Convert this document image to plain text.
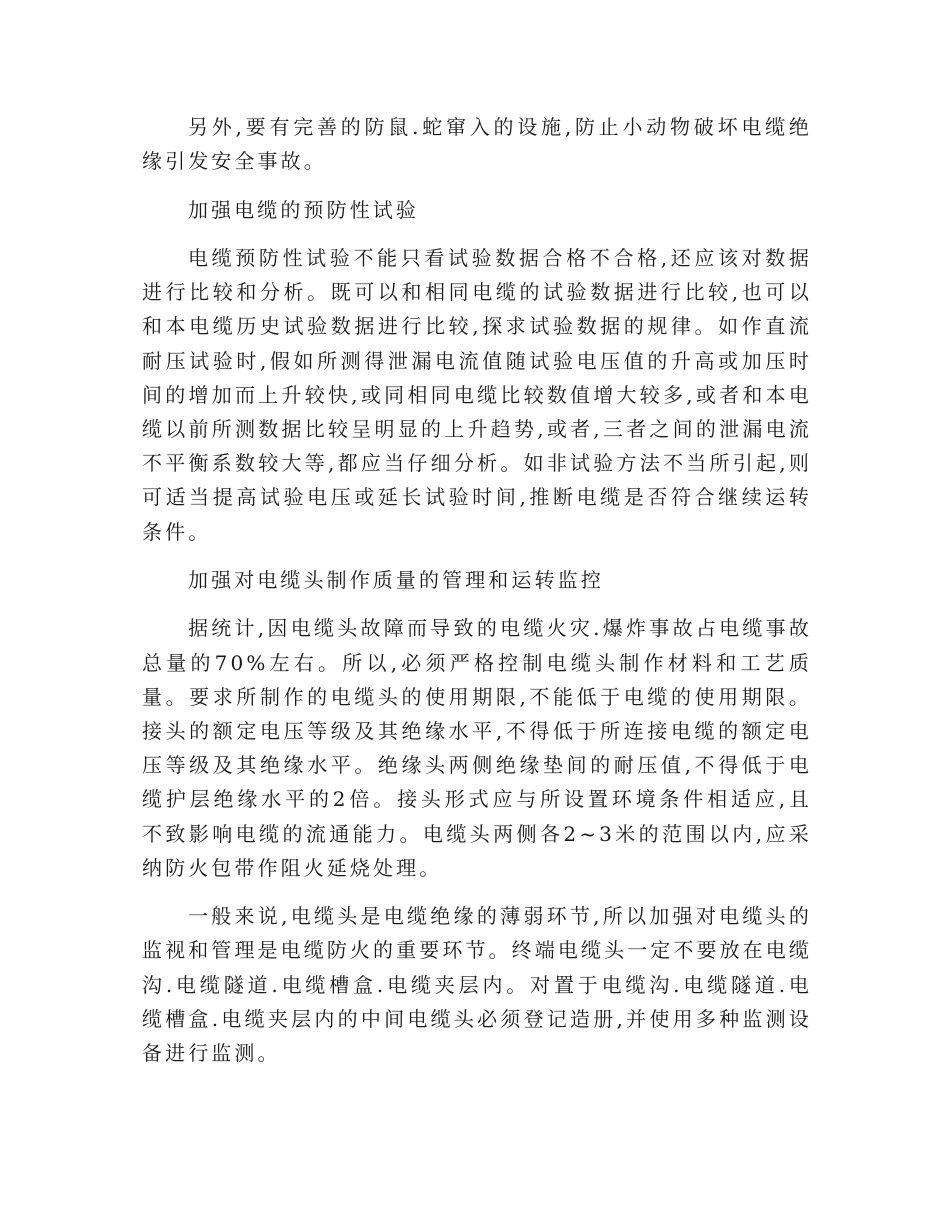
另外,要有完善的防鼠.蛇窜入的设施,防止小动物破坏电缆绝缘引发安全事故。

加强电缆的预防性试验

电缆预防性试验不能只看试验数据合格不合格,还应该对数据进行比较和分析。既可以和相同电缆的试验数据进行比较,也可以和本电缆历史试验数据进行比较,探求试验数据的规律。如作直流耐压试验时,假如所测得泄漏电流值随试验电压值的升高或加压时间的增加而上升较快,或同相同电缆比较数值增大较多,或者和本电缆以前所测数据比较呈明显的上升趋势,或者,三者之间的泄漏电流不平衡系数较大等,都应当仔细分析。如非试验方法不当所引起,则可适当提高试验电压或延长试验时间,推断电缆是否符合继续运转条件。

加强对电缆头制作质量的管理和运转监控

据统计,因电缆头故障而导致的电缆火灾.爆炸事故占电缆事故总量的70%左右。所以,必须严格控制电缆头制作材料和工艺质量。要求所制作的电缆头的使用期限,不能低于电缆的使用期限。接头的额定电压等级及其绝缘水平,不得低于所连接电缆的额定电压等级及其绝缘水平。绝缘头两侧绝缘垫间的耐压值,不得低于电缆护层绝缘水平的2倍。接头形式应与所设置环境条件相适应,且不致影响电缆的流通能力。电缆头两侧各2~3米的范围以内,应采纳防火包带作阻火延烧处理。

一般来说,电缆头是电缆绝缘的薄弱环节,所以加强对电缆头的监视和管理是电缆防火的重要环节。终端电缆头一定不要放在电缆沟.电缆隧道.电缆槽盒.电缆夹层内。对置于电缆沟.电缆隧道.电缆槽盒.电缆夹层内的中间电缆头必须登记造册,并使用多种监测设备进行监测。
